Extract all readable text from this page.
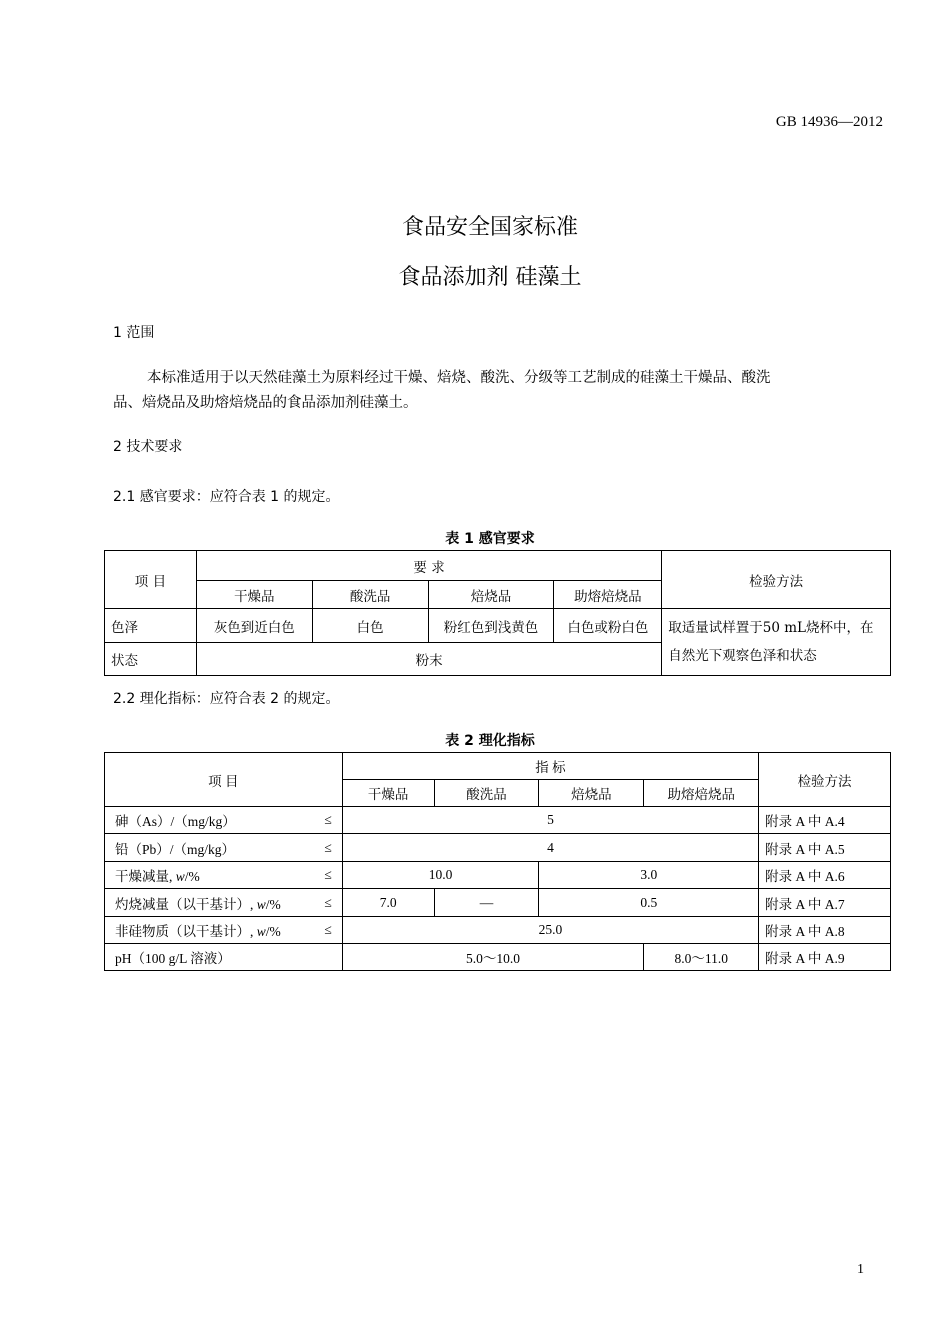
GB 14936—2012
食品安全国家标准
食品添加剂 硅藻土
1 范围
本标准适用于以天然硅藻土为原料经过干燥、焙烧、酸洗、分级等工艺制成的硅藻土干燥品、酸洗
品、焙烧品及助熔焙烧品的食品添加剂硅藻土。
2 技术要求
2.1 感官要求：应符合表 1 的规定。
表 1 感官要求
项 目	要 求				检验方法
	干燥品	酸洗品	焙烧品	助熔焙烧品	
色泽	灰色到近白色	白色	粉红色到浅黄色	白色或粉白色	取适量试样置于50 mL烧杯中，在自然光下观察色泽和状态
状态	粉末				
2.2 理化指标：应符合表 2 的规定。
表 2 理化指标
项 目	指 标				检验方法
	干燥品	酸洗品	焙烧品	助熔焙烧品	
砷（As）/（mg/kg） ≤	5				附录 A 中 A.4
铅（Pb）/（mg/kg） ≤	4				附录 A 中 A.5
干燥减量, w/% ≤	10.0		3.0		附录 A 中 A.6
灼烧减量（以干基计）, w/% ≤	7.0	—	0.5		附录 A 中 A.7
非硅物质（以干基计）, w/% ≤	25.0				附录 A 中 A.8
pH（100 g/L 溶液）	5.0～10.0			8.0～11.0	附录 A 中 A.9
1
